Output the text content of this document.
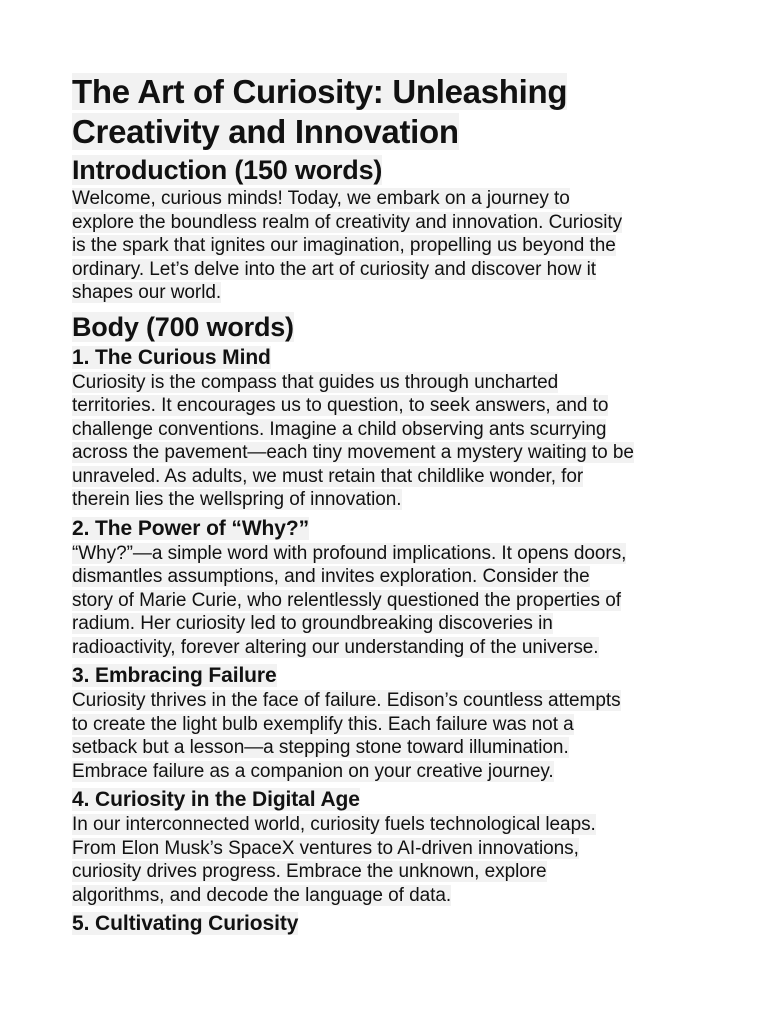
The Art of Curiosity: Unleashing
Creativity and Innovation
Introduction (150 words)

Welcome, curious minds! Today, we embark on a journey to
explore the boundless realm of creativity and innovation. Curiosity
is the spark that ignites our imagination, propelling us beyond the
ordinary. Let’s delve into the art of curiosity and discover how it
shapes our world.

Body (700 words)
1. The Curious Mind

Curiosity is the compass that guides us through uncharted
territories. It encourages us to question, to seek answers, and to
challenge conventions. Imagine a child observing ants scurrying
across the pavement—each tiny movement a mystery waiting to be
unraveled. As adults, we must retain that childlike wonder, for
therein lies the wellspring of innovation.

2. The Power of “Why?”

“Why?”—a simple word with profound implications. It opens doors,
dismantles assumptions, and invites exploration. Consider the
story of Marie Curie, who relentlessly questioned the properties of
radium. Her curiosity led to groundbreaking discoveries in
radioactivity, forever altering our understanding of the universe.

3. Embracing Failure

Curiosity thrives in the face of failure. Edison’s countless attempts
to create the light bulb exemplify this. Each failure was not a
setback but a lesson—a stepping stone toward illumination.
Embrace failure as a companion on your creative journey.

4. Curiosity in the Digital Age

In our interconnected world, curiosity fuels technological leaps.
From Elon Musk’s SpaceX ventures to AI-driven innovations,
curiosity drives progress. Embrace the unknown, explore
algorithms, and decode the language of data.

5. Cultivating Curiosity
